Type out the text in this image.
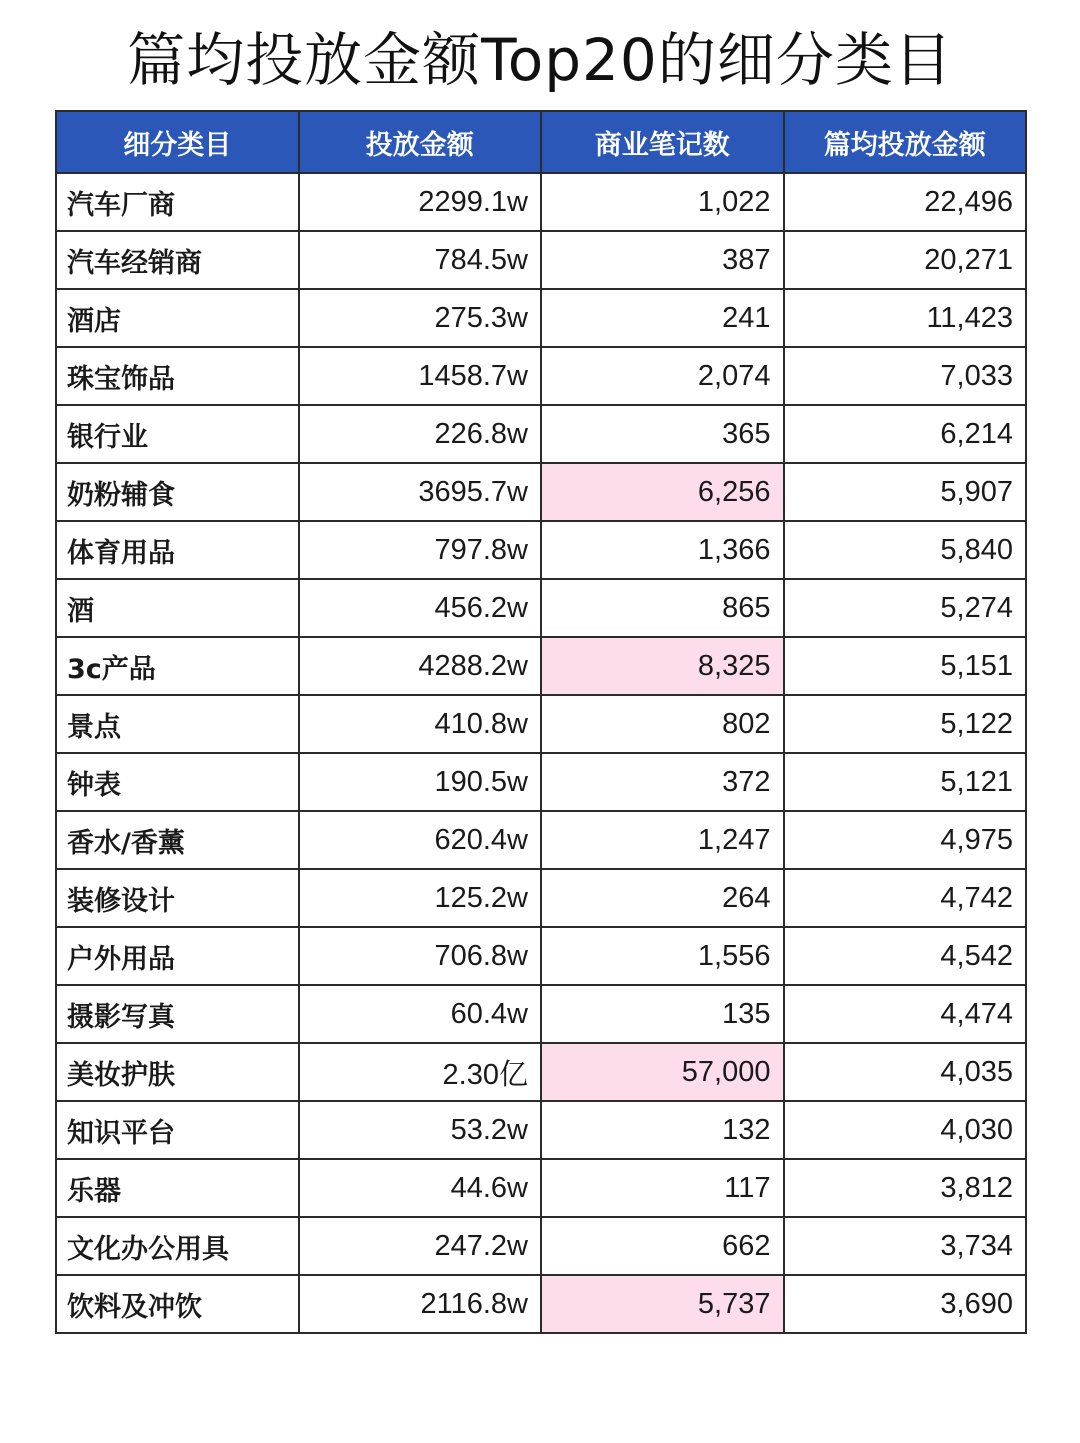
篇均投放金额Top20的细分类目
细分类目	投放金额	商业笔记数	篇均投放金额
汽车厂商	2299.1w	1,022	22,496
汽车经销商	784.5w	387	20,271
酒店	275.3w	241	11,423
珠宝饰品	1458.7w	2,074	7,033
银行业	226.8w	365	6,214
奶粉辅食	3695.7w	6,256	5,907
体育用品	797.8w	1,366	5,840
酒	456.2w	865	5,274
3c产品	4288.2w	8,325	5,151
景点	410.8w	802	5,122
钟表	190.5w	372	5,121
香水/香薰	620.4w	1,247	4,975
装修设计	125.2w	264	4,742
户外用品	706.8w	1,556	4,542
摄影写真	60.4w	135	4,474
美妆护肤	2.30亿	57,000	4,035
知识平台	53.2w	132	4,030
乐器	44.6w	117	3,812
文化办公用具	247.2w	662	3,734
饮料及冲饮	2116.8w	5,737	3,690
